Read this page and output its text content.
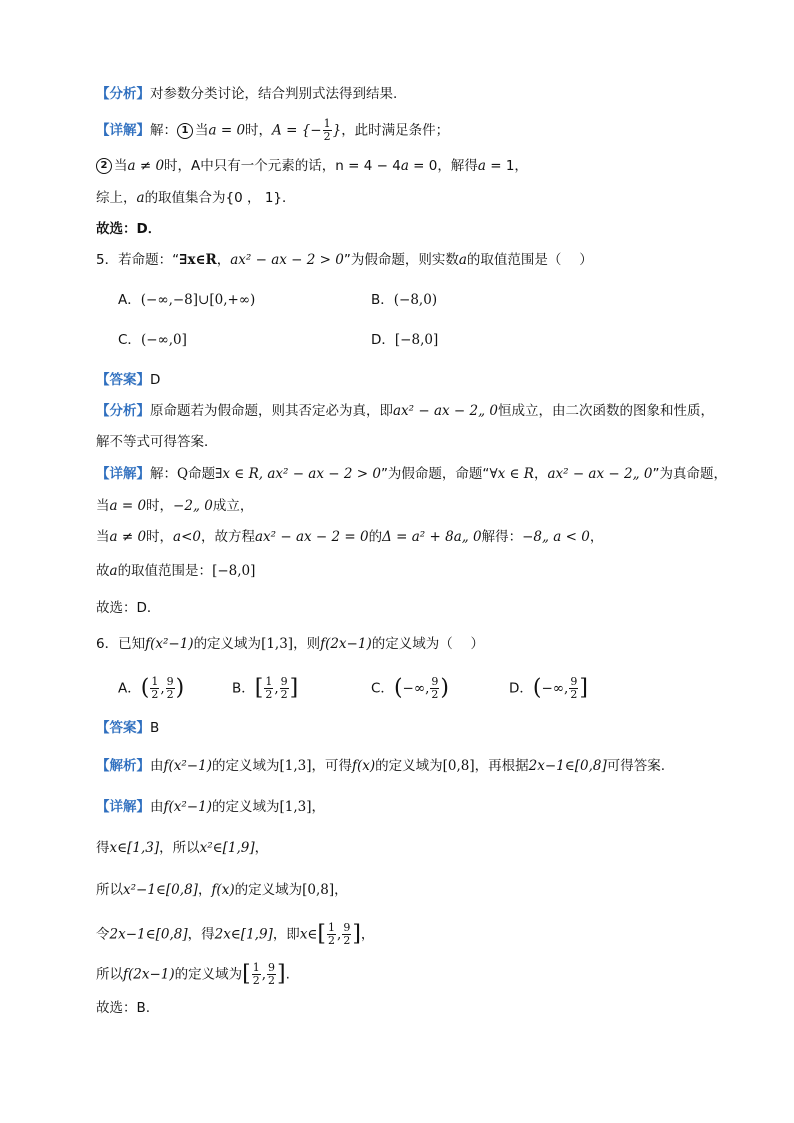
【分析】对参数分类讨论，结合判别式法得到结果.
【详解】解： 1 当a = 0时，A = {− $\frac{1}{2}$ }，此时满足条件；
2 当a ≠ 0时，A中只有一个元素的话，n = 4 − 4a = 0，解得a = 1，
综上，a的取值集合为{0 ， 1}．
故选：D．
5．若命题：“∃x∈R，ax² − ax − 2 > 0”为假命题，则实数a的取值范围是（　 ）
A．(−∞,−8]∪[0,+∞)	B．(−8,0)
C．(−∞,0]	D．[−8,0]
【答案】D
【分析】原命题若为假命题，则其否定必为真，即ax² − ax − 2„ 0恒成立，由二次函数的图象和性质，
解不等式可得答案．
【详解】解：Q命题∃x ∈ R, ax² − ax − 2 > 0”为假命题，命题“∀x ∈ R，ax² − ax − 2„ 0”为真命题，
当a = 0时，−2„ 0成立，
当a ≠ 0时，a<0，故方程ax² − ax − 2 = 0的Δ = a² + 8a„ 0解得：−8„ a < 0，
故a的取值范围是：[−8,0]
故选：D．
6．已知f(x²−1)的定义域为[1,3]，则f(2x−1)的定义域为（　 ）
A．( $\frac{1}{2}$ , $\frac{9}{2}$ )	B．[ $\frac{1}{2}$ , $\frac{9}{2}$ ]	C．(−∞, $\frac{9}{2}$ )	D．(−∞, $\frac{9}{2}$ ]
【答案】B
【解析】由f(x²−1)的定义域为[1,3]，可得f(x)的定义域为[0,8]，再根据2x−1∈[0,8]可得答案.
【详解】由f(x²−1)的定义域为[1,3]，
得x∈[1,3]，所以x²∈[1,9]，
所以x²−1∈[0,8]，f(x)的定义域为[0,8]，
令2x−1∈[0,8]，得2x∈[1,9]，即x∈[ $\frac{1}{2}$ , $\frac{9}{2}$ ]，
所以f(2x−1)的定义域为[ $\frac{1}{2}$ , $\frac{9}{2}$ ].
故选：B.
